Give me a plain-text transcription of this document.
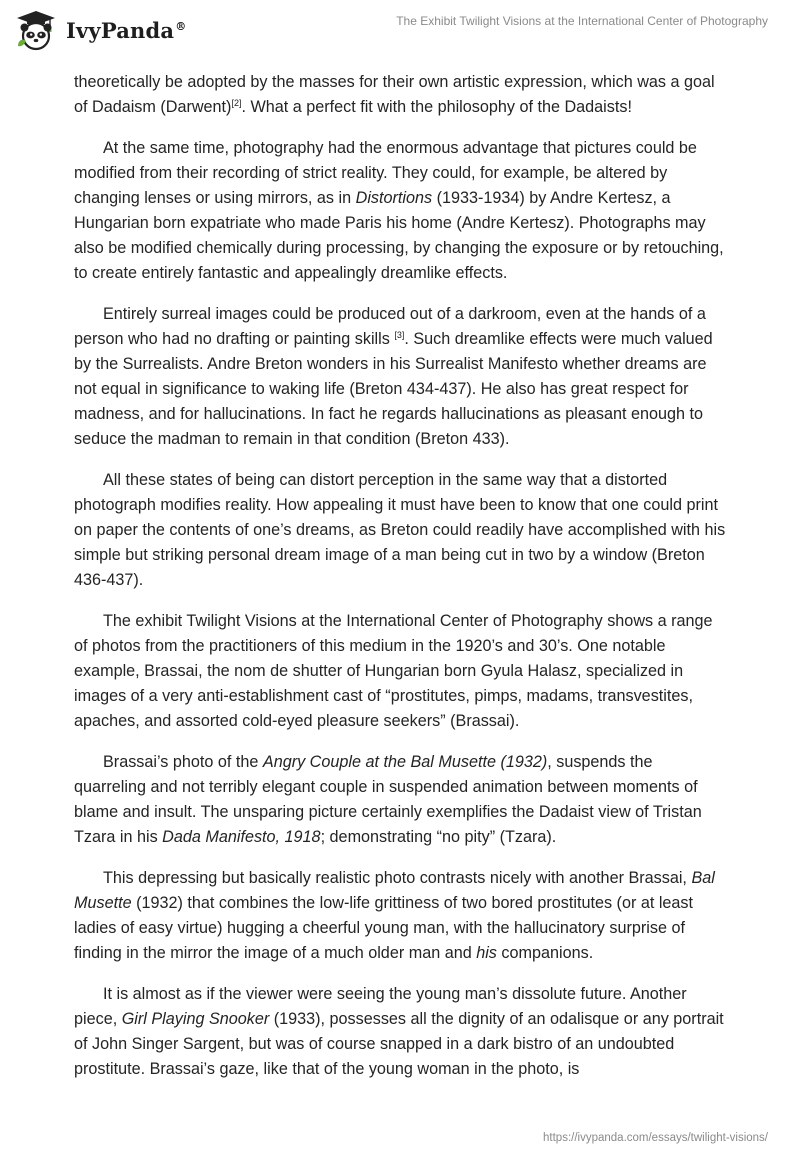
IvyPanda®	The Exhibit Twilight Visions at the International Center of Photography

theoretically be adopted by the masses for their own artistic expression, which was a goal of Dadaism (Darwent)[2]. What a perfect fit with the philosophy of the Dadaists!

At the same time, photography had the enormous advantage that pictures could be modified from their recording of strict reality. They could, for example, be altered by changing lenses or using mirrors, as in Distortions (1933-1934) by Andre Kertesz, a Hungarian born expatriate who made Paris his home (Andre Kertesz). Photographs may also be modified chemically during processing, by changing the exposure or by retouching, to create entirely fantastic and appealingly dreamlike effects.

Entirely surreal images could be produced out of a darkroom, even at the hands of a person who had no drafting or painting skills [3]. Such dreamlike effects were much valued by the Surrealists. Andre Breton wonders in his Surrealist Manifesto whether dreams are not equal in significance to waking life (Breton 434-437). He also has great respect for madness, and for hallucinations. In fact he regards hallucinations as pleasant enough to seduce the madman to remain in that condition (Breton 433).

All these states of being can distort perception in the same way that a distorted photograph modifies reality. How appealing it must have been to know that one could print on paper the contents of one’s dreams, as Breton could readily have accomplished with his simple but striking personal dream image of a man being cut in two by a window (Breton 436-437).

The exhibit Twilight Visions at the International Center of Photography shows a range of photos from the practitioners of this medium in the 1920’s and 30’s. One notable example, Brassai, the nom de shutter of Hungarian born Gyula Halasz, specialized in images of a very anti-establishment cast of “prostitutes, pimps, madams, transvestites, apaches, and assorted cold-eyed pleasure seekers” (Brassai).

Brassai’s photo of the Angry Couple at the Bal Musette (1932), suspends the quarreling and not terribly elegant couple in suspended animation between moments of blame and insult. The unsparing picture certainly exemplifies the Dadaist view of Tristan Tzara in his Dada Manifesto, 1918; demonstrating “no pity” (Tzara).

This depressing but basically realistic photo contrasts nicely with another Brassai, Bal Musette (1932) that combines the low-life grittiness of two bored prostitutes (or at least ladies of easy virtue) hugging a cheerful young man, with the hallucinatory surprise of finding in the mirror the image of a much older man and his companions.

It is almost as if the viewer were seeing the young man’s dissolute future. Another piece, Girl Playing Snooker (1933), possesses all the dignity of an odalisque or any portrait of John Singer Sargent, but was of course snapped in a dark bistro of an undoubted prostitute. Brassai’s gaze, like that of the young woman in the photo, is

https://ivypanda.com/essays/twilight-visions/
